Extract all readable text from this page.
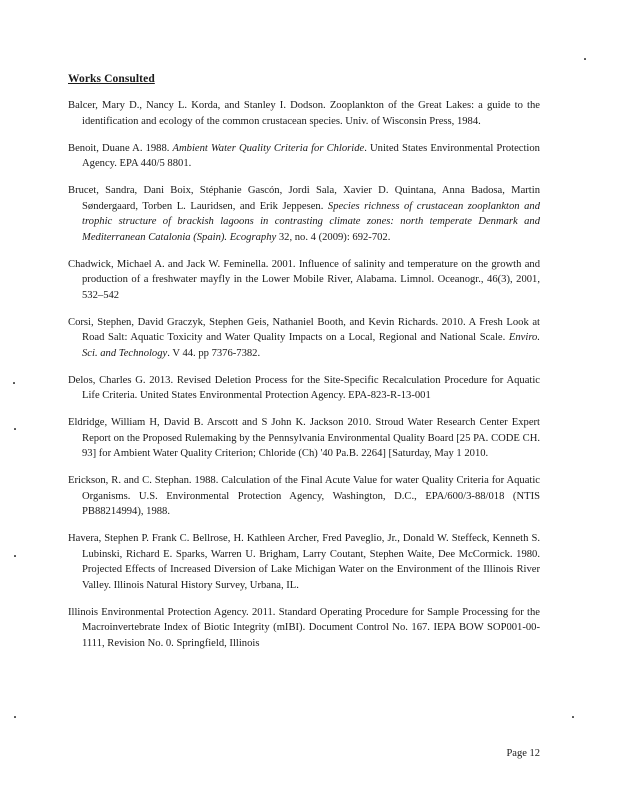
Works Consulted
Balcer, Mary D., Nancy L. Korda, and Stanley I. Dodson. Zooplankton of the Great Lakes: a guide to the identification and ecology of the common crustacean species. Univ. of Wisconsin Press, 1984.
Benoit, Duane A. 1988. Ambient Water Quality Criteria for Chloride. United States Environmental Protection Agency. EPA 440/5 8801.
Brucet, Sandra, Dani Boix, Stéphanie Gascón, Jordi Sala, Xavier D. Quintana, Anna Badosa, Martin Søndergaard, Torben L. Lauridsen, and Erik Jeppesen. Species richness of crustacean zooplankton and trophic structure of brackish lagoons in contrasting climate zones: north temperate Denmark and Mediterranean Catalonia (Spain). Ecography 32, no. 4 (2009): 692-702.
Chadwick, Michael A. and Jack W. Feminella. 2001. Influence of salinity and temperature on the growth and production of a freshwater mayfly in the Lower Mobile River, Alabama. Limnol. Oceanogr., 46(3), 2001, 532–542
Corsi, Stephen, David Graczyk, Stephen Geis, Nathaniel Booth, and Kevin Richards. 2010. A Fresh Look at Road Salt: Aquatic Toxicity and Water Quality Impacts on a Local, Regional and National Scale. Enviro. Sci. and Technology. V 44. pp 7376-7382.
Delos, Charles G. 2013. Revised Deletion Process for the Site-Specific Recalculation Procedure for Aquatic Life Criteria. United States Environmental Protection Agency. EPA-823-R-13-001
Eldridge, William H, David B. Arscott and S John K. Jackson 2010. Stroud Water Research Center Expert Report on the Proposed Rulemaking by the Pennsylvania Environmental Quality Board [25 PA. CODE CH. 93] for Ambient Water Quality Criterion; Chloride (Ch) '40 Pa.B. 2264] [Saturday, May 1 2010.
Erickson, R. and C. Stephan. 1988. Calculation of the Final Acute Value for water Quality Criteria for Aquatic Organisms. U.S. Environmental Protection Agency, Washington, D.C., EPA/600/3-88/018 (NTIS PB88214994), 1988.
Havera, Stephen P. Frank C. Bellrose, H. Kathleen Archer, Fred Paveglio, Jr., Donald W. Steffeck, Kenneth S. Lubinski, Richard E. Sparks, Warren U. Brigham, Larry Coutant, Stephen Waite, Dee McCormick. 1980. Projected Effects of Increased Diversion of Lake Michigan Water on the Environment of the Illinois River Valley. Illinois Natural History Survey, Urbana, IL.
Illinois Environmental Protection Agency. 2011. Standard Operating Procedure for Sample Processing for the Macroinvertebrate Index of Biotic Integrity (mIBI). Document Control No. 167. IEPA BOW SOP001-00-1111, Revision No. 0. Springfield, Illinois
Page 12
